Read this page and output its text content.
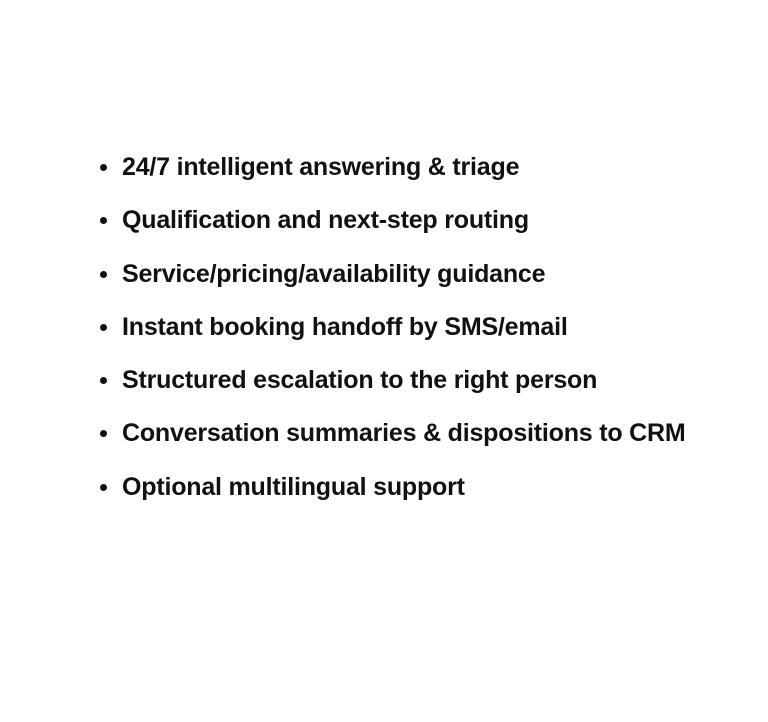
24/7 intelligent answering & triage
Qualification and next-step routing
Service/pricing/availability guidance
Instant booking handoff by SMS/email
Structured escalation to the right person
Conversation summaries & dispositions to CRM
Optional multilingual support
